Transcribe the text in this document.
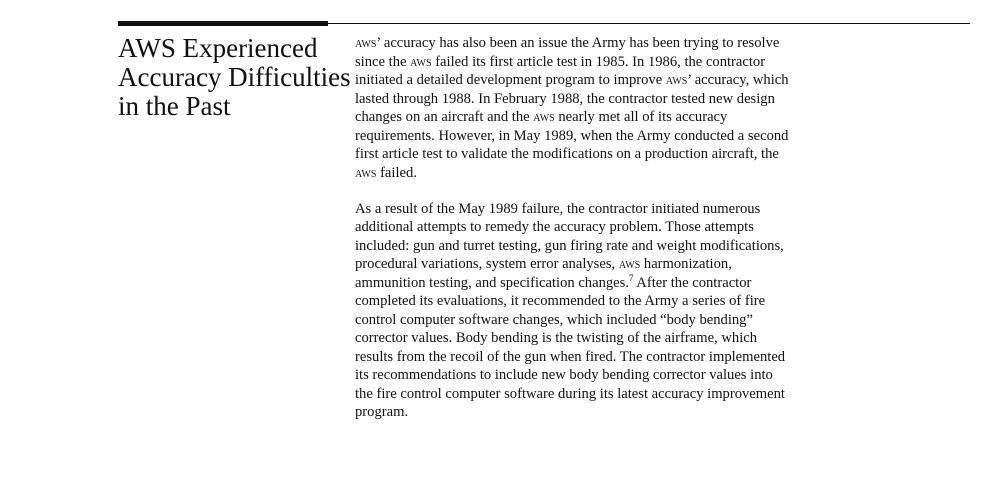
AWS Experienced
Accuracy Difficulties
in the Past

aws’ accuracy has also been an issue the Army has been trying to resolve
since the aws failed its first article test in 1985. In 1986, the contractor
initiated a detailed development program to improve aws’ accuracy, which
lasted through 1988. In February 1988, the contractor tested new design
changes on an aircraft and the aws nearly met all of its accuracy
requirements. However, in May 1989, when the Army conducted a second
first article test to validate the modifications on a production aircraft, the
aws failed.

As a result of the May 1989 failure, the contractor initiated numerous
additional attempts to remedy the accuracy problem. Those attempts
included: gun and turret testing, gun firing rate and weight modifications,
procedural variations, system error analyses, aws harmonization,
ammunition testing, and specification changes.$^7$ After the contractor
completed its evaluations, it recommended to the Army a series of fire
control computer software changes, which included “body bending”
corrector values. Body bending is the twisting of the airframe, which
results from the recoil of the gun when fired. The contractor implemented
its recommendations to include new body bending corrector values into
the fire control computer software during its latest accuracy improvement
program.
